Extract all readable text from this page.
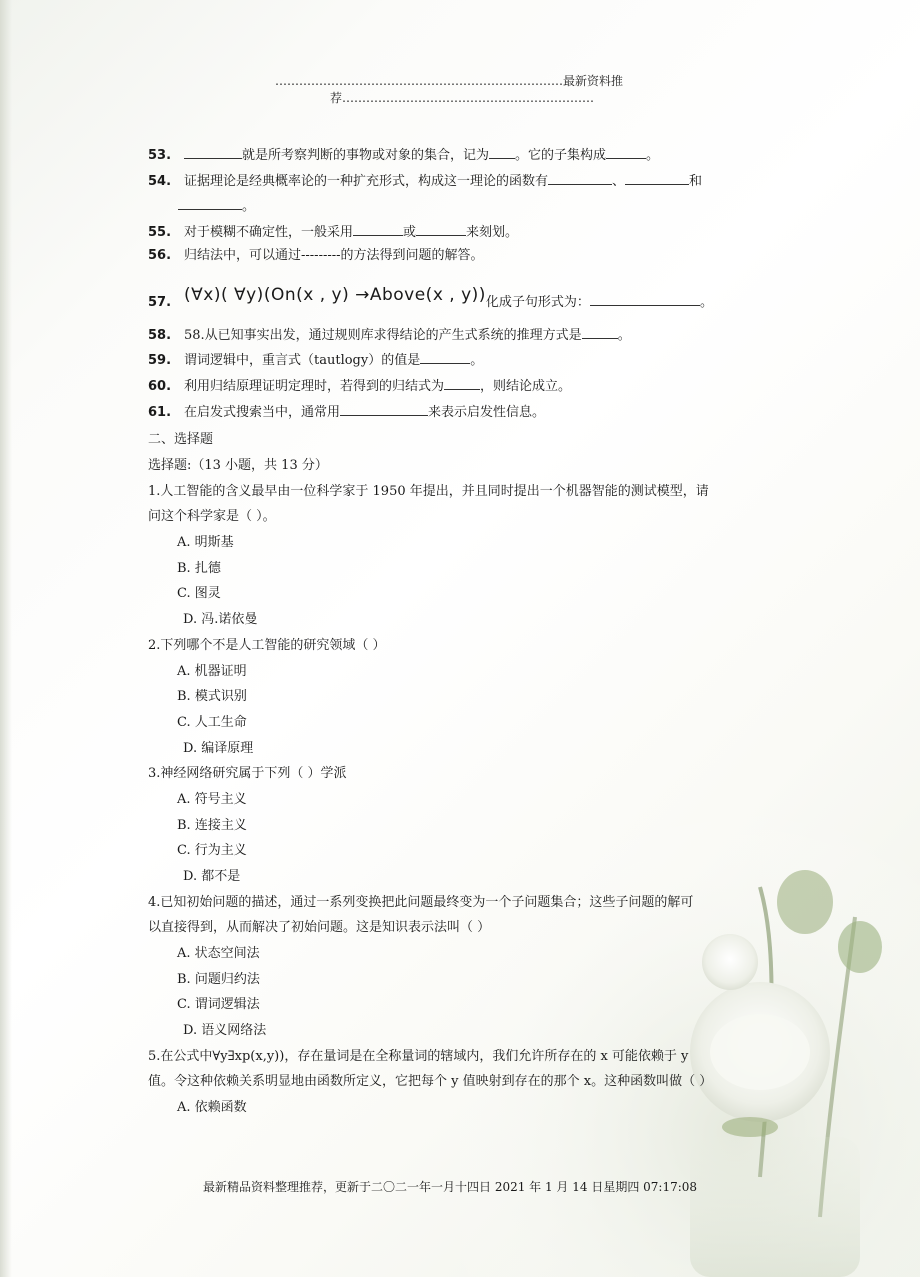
………………………………………………………………最新资料推
荐………………………………………………………
53.	就是所考察判断的事物或对象的集合，记为 。它的子集构成	。
54. 证据理论是经典概率论的一种扩充形式，构成这一理论的函数有	、	和
。
55. 对于模糊不确定性，一般采用	或	来刻划。
56. 归结法中，可以通过---------的方法得到问题的解答。
57. (∀x)( ∀y)(On(x , y) →Above(x , y))化成子句形式为：	。
58. 58.从已知事实出发，通过规则库求得结论的产生式系统的推理方式是	。
59. 谓词逻辑中，重言式（tautlogy）的值是	。
60. 利用归结原理证明定理时，若得到的归结式为	，则结论成立。
61. 在启发式搜索当中，通常用	来表示启发性信息。
二、选择题
选择题:（13 小题，共 13 分）
1.人工智能的含义最早由一位科学家于 1950 年提出，并且同时提出一个机器智能的测试模型，请
问这个科学家是（ ）。
A. 明斯基
B. 扎德
C. 图灵
D. 冯.诺依曼
2.下列哪个不是人工智能的研究领域（ ）
A. 机器证明
B. 模式识别
C. 人工生命
D. 编译原理
3.神经网络研究属于下列（ ）学派
A. 符号主义
B. 连接主义
C. 行为主义
D. 都不是
4.已知初始问题的描述，通过一系列变换把此问题最终变为一个子问题集合；这些子问题的解可
以直接得到，从而解决了初始问题。这是知识表示法叫（ ）
A. 状态空间法
B. 问题归约法
C. 谓词逻辑法
D. 语义网络法
5.在公式中∀y∃xp(x,y))，存在量词是在全称量词的辖域内，我们允许所存在的 x 可能依赖于 y
值。令这种依赖关系明显地由函数所定义，它把每个 y 值映射到存在的那个 x。这种函数叫做（ ）
A. 依赖函数
最新精品资料整理推荐，更新于二〇二一年一月十四日 2021 年 1 月 14 日星期四 07:17:08
